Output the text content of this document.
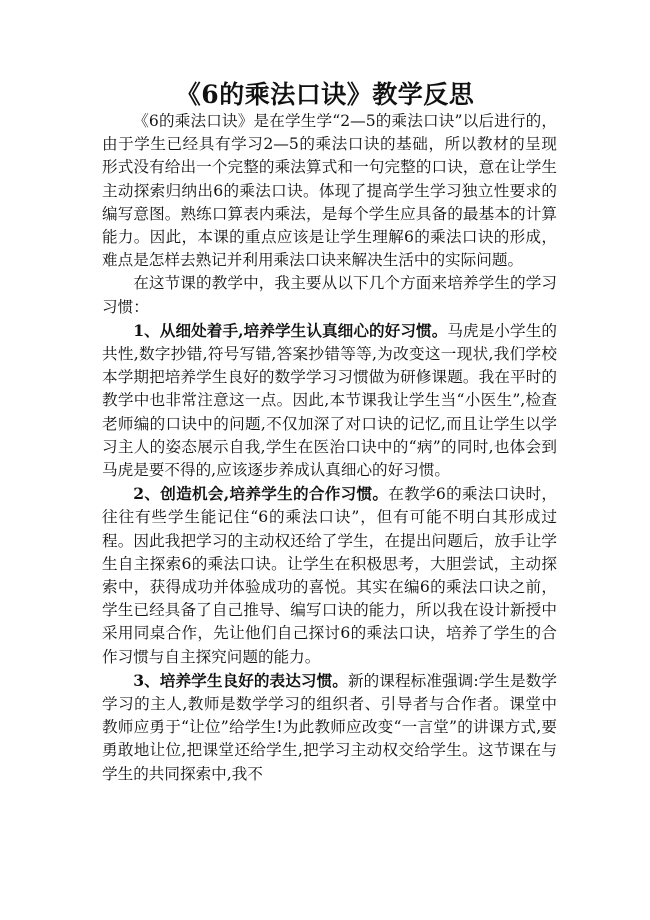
《6的乘法口诀》教学反思

《6的乘法口诀》是在学生学“2—5的乘法口诀”以后进行的，由于学生已经具有学习2—5的乘法口诀的基础，所以教材的呈现形式没有给出一个完整的乘法算式和一句完整的口诀，意在让学生主动探索归纳出6的乘法口诀。体现了提高学生学习独立性要求的编写意图。熟练口算表内乘法，是每个学生应具备的最基本的计算能力。因此，本课的重点应该是让学生理解6的乘法口诀的形成，难点是怎样去熟记并利用乘法口诀来解决生活中的实际问题。

在这节课的教学中，我主要从以下几个方面来培养学生的学习习惯：

1、从细处着手,培养学生认真细心的好习惯。马虎是小学生的共性,数字抄错,符号写错,答案抄错等等,为改变这一现状,我们学校本学期把培养学生良好的数学学习习惯做为研修课题。我在平时的教学中也非常注意这一点。因此,本节课我让学生当“小医生”,检查老师编的口诀中的问题,不仅加深了对口诀的记忆,而且让学生以学习主人的姿态展示自我,学生在医治口诀中的“病”的同时,也体会到马虎是要不得的,应该逐步养成认真细心的好习惯。

2、创造机会,培养学生的合作习惯。在教学6的乘法口诀时，往往有些学生能记住“6的乘法口诀”，但有可能不明白其形成过程。因此我把学习的主动权还给了学生，在提出问题后，放手让学生自主探索6的乘法口诀。让学生在积极思考，大胆尝试，主动探索中，获得成功并体验成功的喜悦。其实在编6的乘法口诀之前，学生已经具备了自己推导、编写口诀的能力，所以我在设计新授中采用同桌合作，先让他们自己探讨6的乘法口诀，培养了学生的合作习惯与自主探究问题的能力。

3、培养学生良好的表达习惯。新的课程标准强调:学生是数学学习的主人,教师是数学学习的组织者、引导者与合作者。课堂中教师应勇于“让位”给学生!为此教师应改变“一言堂”的讲课方式,要勇敢地让位,把课堂还给学生,把学习主动权交给学生。这节课在与学生的共同探索中,我不
